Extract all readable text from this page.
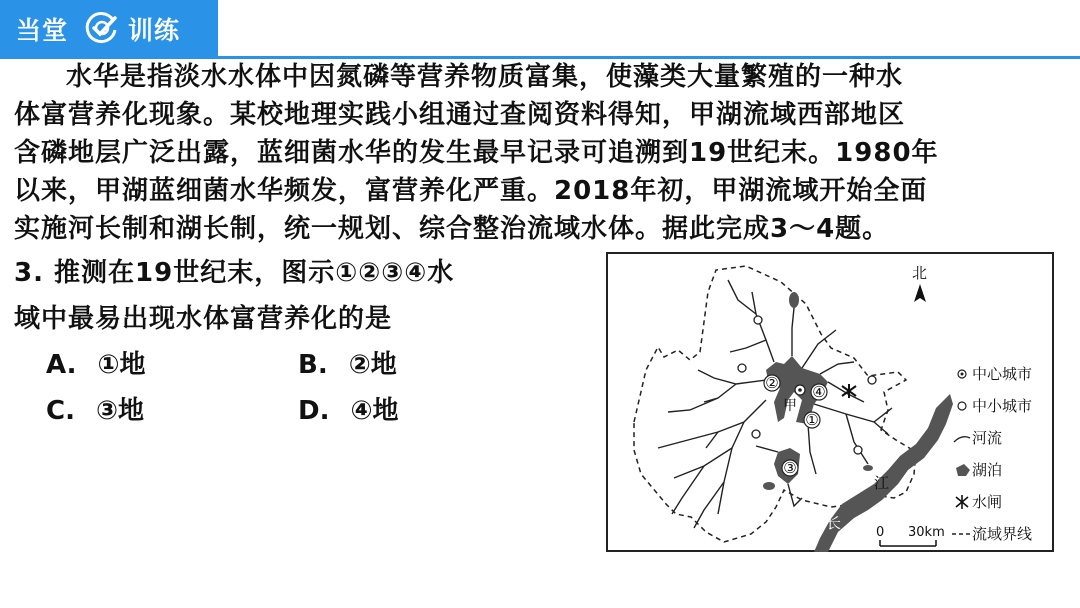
当堂 训练
水华是指淡水水体中因氮磷等营养物质富集，使藻类大量繁殖的一种水
体富营养化现象。某校地理实践小组通过查阅资料得知，甲湖流域西部地区
含磷地层广泛出露，蓝细菌水华的发生最早记录可追溯到19世纪末。1980年
以来，甲湖蓝细菌水华频发，富营养化严重。2018年初，甲湖流域开始全面
实施河长制和湖长制，统一规划、综合整治流域水体。据此完成3～4题。
3. 推测在19世纪末，图示①②③④水
域中最易出现水体富营养化的是
A. ①地	B. ②地
C. ③地	D. ④地
② ④
①
③
甲
江
长
北
0 30km
中心城市
中小城市
河流
湖泊
水闸
流域界线
